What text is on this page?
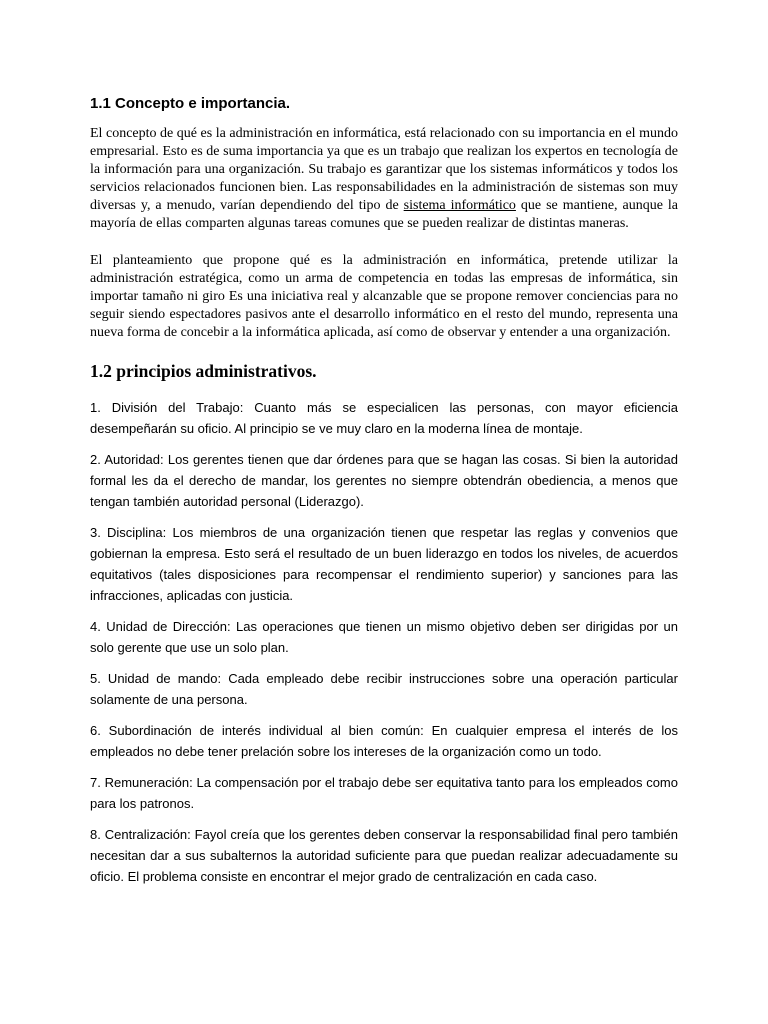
1.1 Concepto e importancia.

El concepto de qué es la administración en informática, está relacionado con su importancia en el mundo empresarial. Esto es de suma importancia ya que es un trabajo que realizan los expertos en tecnología de la información para una organización. Su trabajo es garantizar que los sistemas informáticos y todos los servicios relacionados funcionen bien. Las responsabilidades en la administración de sistemas son muy diversas y, a menudo, varían dependiendo del tipo de sistema informático que se mantiene, aunque la mayoría de ellas comparten algunas tareas comunes que se pueden realizar de distintas maneras.

El planteamiento que propone qué es la administración en informática, pretende utilizar la administración estratégica, como un arma de competencia en todas las empresas de informática, sin importar tamaño ni giro Es una iniciativa real y alcanzable que se propone remover conciencias para no seguir siendo espectadores pasivos ante el desarrollo informático en el resto del mundo, representa una nueva forma de concebir a la informática aplicada, así como de observar y entender a una organización.

1.2 principios administrativos.

1. División del Trabajo: Cuanto más se especialicen las personas, con mayor eficiencia desempeñarán su oficio. Al principio se ve muy claro en la moderna línea de montaje.

2. Autoridad: Los gerentes tienen que dar órdenes para que se hagan las cosas. Si bien la autoridad formal les da el derecho de mandar, los gerentes no siempre obtendrán obediencia, a menos que tengan también autoridad personal (Liderazgo).

3. Disciplina: Los miembros de una organización tienen que respetar las reglas y convenios que gobiernan la empresa. Esto será el resultado de un buen liderazgo en todos los niveles, de acuerdos equitativos (tales disposiciones para recompensar el rendimiento superior) y sanciones para las infracciones, aplicadas con justicia.

4. Unidad de Dirección: Las operaciones que tienen un mismo objetivo deben ser dirigidas por un solo gerente que use un solo plan.

5. Unidad de mando: Cada empleado debe recibir instrucciones sobre una operación particular solamente de una persona.

6. Subordinación de interés individual al bien común: En cualquier empresa el interés de los empleados no debe tener prelación sobre los intereses de la organización como un todo.

7. Remuneración: La compensación por el trabajo debe ser equitativa tanto para los empleados como para los patronos.

8. Centralización: Fayol creía que los gerentes deben conservar la responsabilidad final pero también necesitan dar a sus subalternos la autoridad suficiente para que puedan realizar adecuadamente su oficio. El problema consiste en encontrar el mejor grado de centralización en cada caso.
